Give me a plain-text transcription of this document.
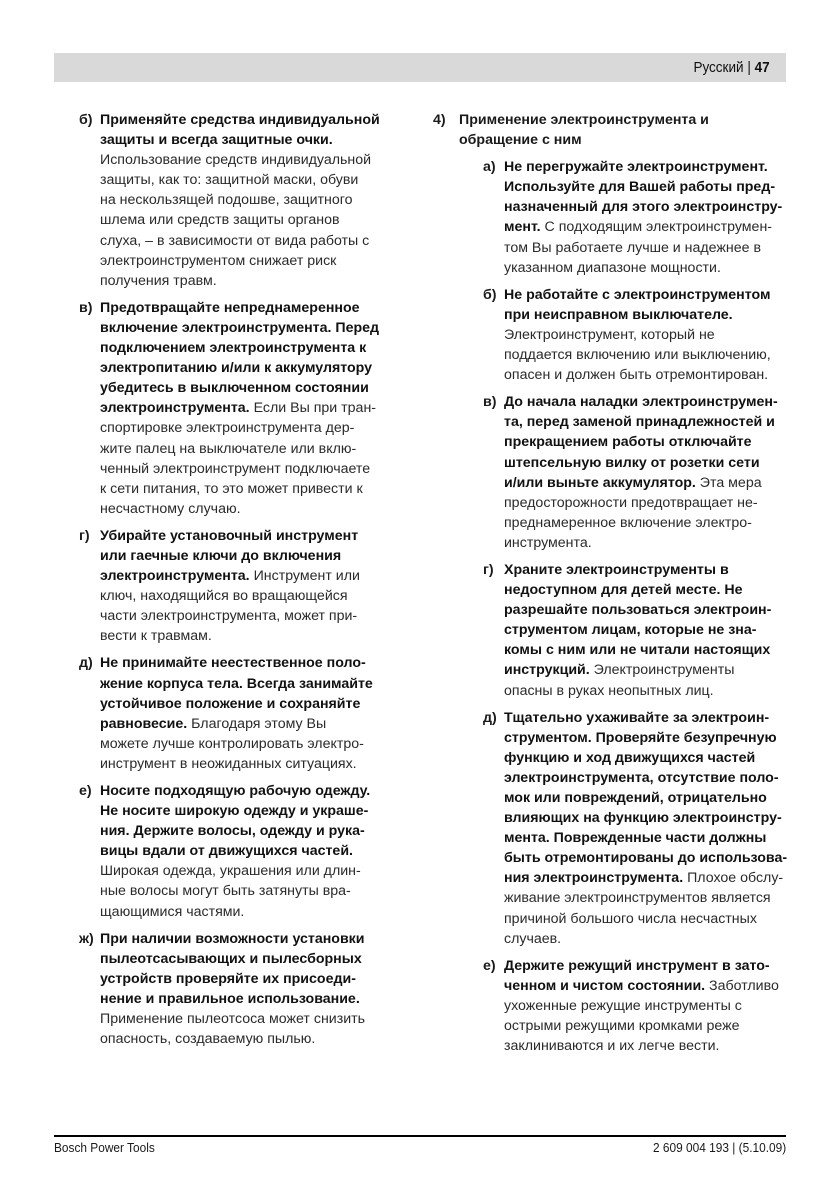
Русский | 47
б) Применяйте средства индивидуальной
защиты и всегда защитные очки.
Использование средств индивидуальной
защиты, как то: защитной маски, обуви
на нескользящей подошве, защитного
шлема или средств защиты органов
слуха, – в зависимости от вида работы с
электроинструментом снижает риск
получения травм.
в) Предотвращайте непреднамеренное
включение электроинструмента. Перед
подключением электроинструмента к
электропитанию и/или к аккумулятору
убедитесь в выключенном состоянии
электроинструмента. Если Вы при тран-
спортировке электроинструмента дер-
жите палец на выключателе или вклю-
ченный электроинструмент подключаете
к сети питания, то это может привести к
несчастному случаю.
г) Убирайте установочный инструмент
или гаечные ключи до включения
электроинструмента. Инструмент или
ключ, находящийся во вращающейся
части электроинструмента, может при-
вести к травмам.
д) Не принимайте неестественное поло-
жение корпуса тела. Всегда занимайте
устойчивое положение и сохраняйте
равновесие. Благодаря этому Вы
можете лучше контролировать электро-
инструмент в неожиданных ситуациях.
е) Носите подходящую рабочую одежду.
Не носите широкую одежду и украше-
ния. Держите волосы, одежду и рука-
вицы вдали от движущихся частей.
Широкая одежда, украшения или длин-
ные волосы могут быть затянуты вра-
щающимися частями.
ж) При наличии возможности установки
пылеотсасывающих и пылесборных
устройств проверяйте их присоеди-
нение и правильное использование.
Применение пылеотсоса может снизить
опасность, создаваемую пылью.
4) Применение электроинструмента и
обращение с ним
а) Не перегружайте электроинструмент.
Используйте для Вашей работы пред-
назначенный для этого электроинстру-
мент. С подходящим электроинструмен-
том Вы работаете лучше и надежнее в
указанном диапазоне мощности.
б) Не работайте с электроинструментом
при неисправном выключателе.
Электроинструмент, который не
поддается включению или выключению,
опасен и должен быть отремонтирован.
в) До начала наладки электроинструмен-
та, перед заменой принадлежностей и
прекращением работы отключайте
штепсельную вилку от розетки сети
и/или выньте аккумулятор. Эта мера
предосторожности предотвращает не-
преднамеренное включение электро-
инструмента.
г) Храните электроинструменты в
недоступном для детей месте. Не
разрешайте пользоваться электроин-
струментом лицам, которые не зна-
комы с ним или не читали настоящих
инструкций. Электроинструменты
опасны в руках неопытных лиц.
д) Тщательно ухаживайте за электроин-
струментом. Проверяйте безупречную
функцию и ход движущихся частей
электроинструмента, отсутствие поло-
мок или повреждений, отрицательно
влияющих на функцию электроинстру-
мента. Поврежденные части должны
быть отремонтированы до использова-
ния электроинструмента. Плохое обслу-
живание электроинструментов является
причиной большого числа несчастных
случаев.
е) Держите режущий инструмент в зато-
ченном и чистом состоянии. Заботливо
ухоженные режущие инструменты с
острыми режущими кромками реже
заклиниваются и их легче вести.
Bosch Power Tools	2 609 004 193 | (5.10.09)
